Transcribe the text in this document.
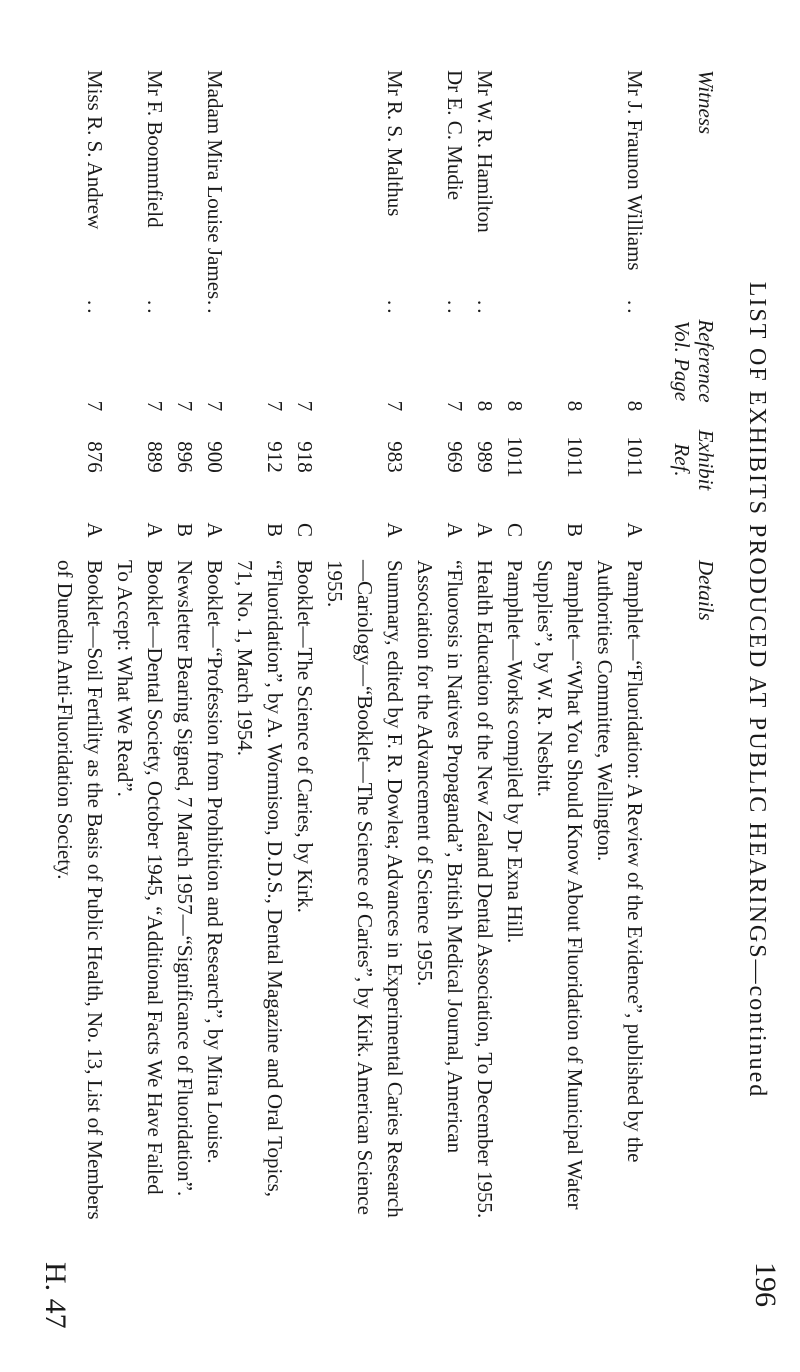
196
H. 47
LIST OF EXHIBITS PRODUCED AT PUBLIC HEARINGS—continued
Witness
Reference
Vol. Page
Exhibit
Ref.
Details
Mr J. Fraunon Williams
..
8
1011
A
Pamphlet—“Fluoridation: A Review of the Evidence”, published by the Authorities Committee, Wellington.
8
1011
B
Pamphlet—“What You Should Know About Fluoridation of Municipal Water Supplies”, by W. R. Nesbitt.
8
1011
C
Pamphlet—Works compiled by Dr Exna Hill.
Mr W. R. Hamilton
..
8
989
A
Health Education of the New Zealand Dental Association, To December 1955.
Dr E. C. Mudie
..
7
969
A
“Fluorosis in Natives Propaganda”, British Medical Journal, American Association for the Advancement of Science 1955.
Mr R. S. Malthus
..
7
983
A
Summary, edited by F. R. Dowlea; Advances in Experimental Caries Research—Cariology—“Booklet—The Science of Caries”, by Kirk. American Science 1955.
7
918
C
Booklet—The Science of Caries, by Kirk.
7
912
B
“Fluoridation”, by A. Wormison, D.D.S., Dental Magazine and Oral Topics, 71, No. 1, March 1954.
Madam Mira Louise James
..
7
900
A
Booklet—“Profession from Prohibition and Research”, by Mira Louise.
7
896
B
Newsletter Bearing Signed, 7 March 1957—“Significance of Fluoridation”.
Mr F. Boommfield
..
7
889
A
Booklet—Dental Society, October 1945, “Additional Facts We Have Failed To Accept: What We Read”.
Miss R. S. Andrew
..
7
876
A
Booklet—Soil Fertility as the Basis of Public Health, No. 13, List of Members of Dunedin Anti-Fluoridation Society.
